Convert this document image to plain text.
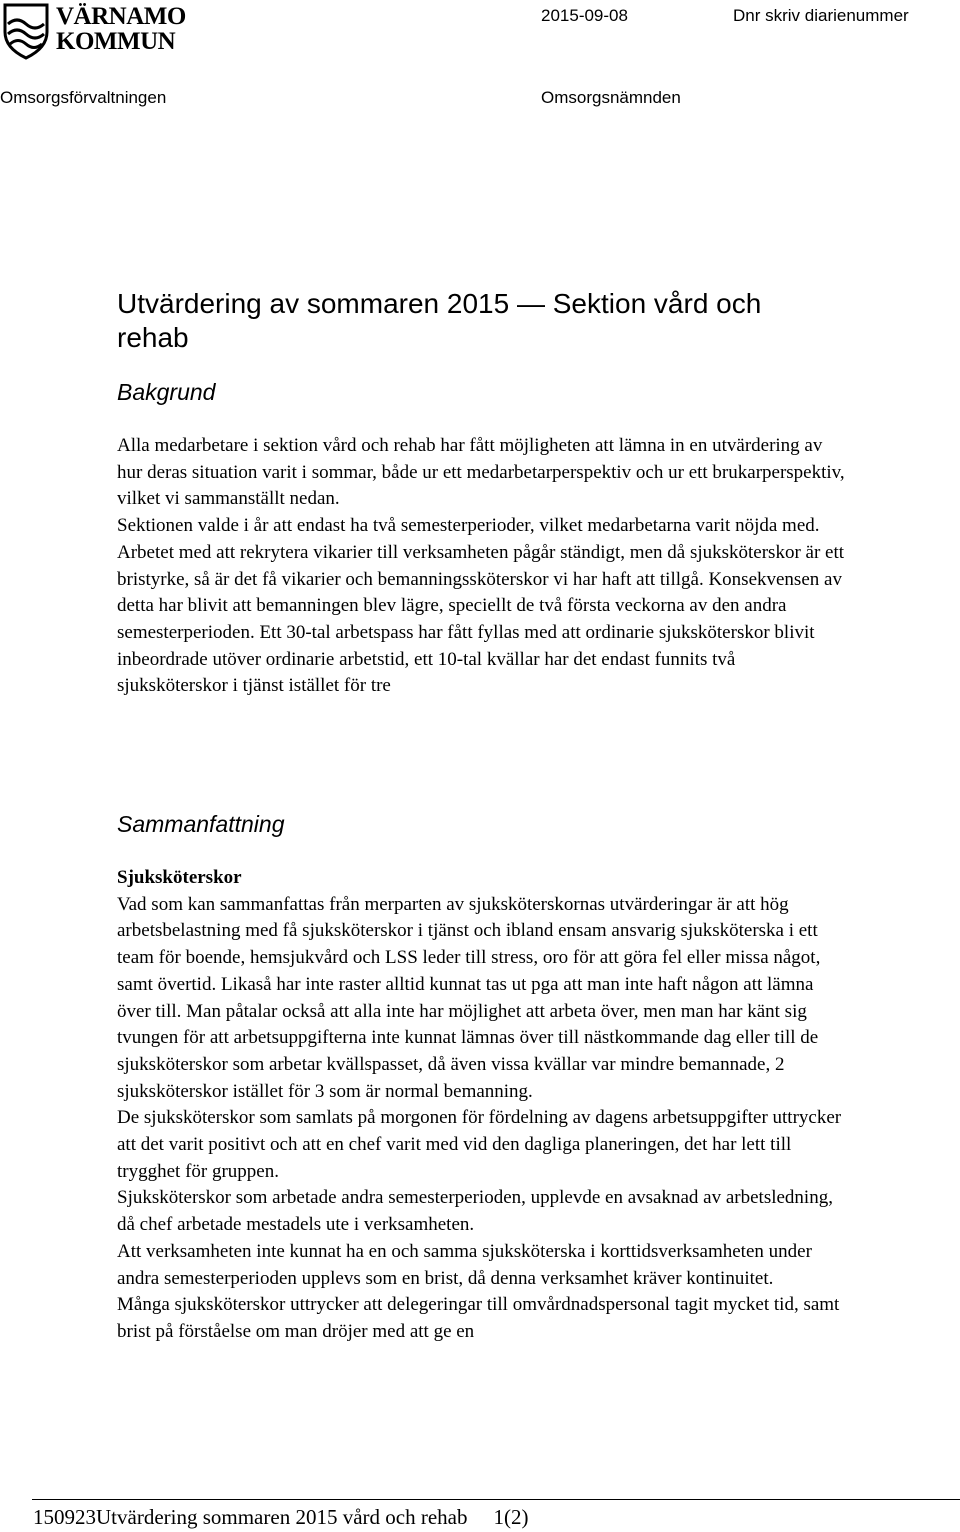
VÄRNAMO
KOMMUN
2015-09-08	Dnr skriv diarienummer
Omsorgsförvaltningen	Omsorgsnämnden
Utvärdering av sommaren 2015 — Sektion vård och rehab
Bakgrund

Alla medarbetare i sektion vård och rehab har fått möjligheten att lämna in en utvärdering av hur deras situation varit i sommar, både ur ett medarbetarperspektiv och ur ett brukarperspektiv, vilket vi sammanställt nedan.

Sektionen valde i år att endast ha två semesterperioder, vilket medarbetarna varit nöjda med. Arbetet med att rekrytera vikarier till verksamheten pågår ständigt, men då sjuksköterskor är ett bristyrke, så är det få vikarier och bemanningssköterskor vi har haft att tillgå. Konsekvensen av detta har blivit att bemanningen blev lägre, speciellt de två första veckorna av den andra semesterperioden. Ett 30-tal arbetspass har fått fyllas med att ordinarie sjuksköterskor blivit inbeordrade utöver ordinarie arbetstid, ett 10-tal kvällar har det endast funnits två sjuksköterskor i tjänst istället för tre

Sammanfattning

Sjuksköterskor

Vad som kan sammanfattas från merparten av sjuksköterskornas utvärderingar är att hög arbetsbelastning med få sjuksköterskor i tjänst och ibland ensam ansvarig sjuksköterska i ett team för boende, hemsjukvård och LSS leder till stress, oro för att göra fel eller missa något, samt övertid. Likaså har inte raster alltid kunnat tas ut pga att man inte haft någon att lämna över till. Man påtalar också att alla inte har möjlighet att arbeta över, men man har känt sig tvungen för att arbetsuppgifterna inte kunnat lämnas över till nästkommande dag eller till de sjuksköterskor som arbetar kvällspasset, då även vissa kvällar var mindre bemannade, 2 sjuksköterskor istället för 3 som är normal bemanning.

De sjuksköterskor som samlats på morgonen för fördelning av dagens arbetsuppgifter uttrycker att det varit positivt och att en chef varit med vid den dagliga planeringen, det har lett till trygghet för gruppen.

Sjuksköterskor som arbetade andra semesterperioden, upplevde en avsaknad av arbetsledning, då chef arbetade mestadels ute i verksamheten.

Att verksamheten inte kunnat ha en och samma sjuksköterska i korttidsverksamheten under andra semesterperioden upplevs som en brist, då denna verksamhet kräver kontinuitet.

Många sjuksköterskor uttrycker att delegeringar till omvårdnadspersonal tagit mycket tid, samt brist på förståelse om man dröjer med att ge en

150923Utvärdering sommaren 2015 vård och rehab 1(2)
